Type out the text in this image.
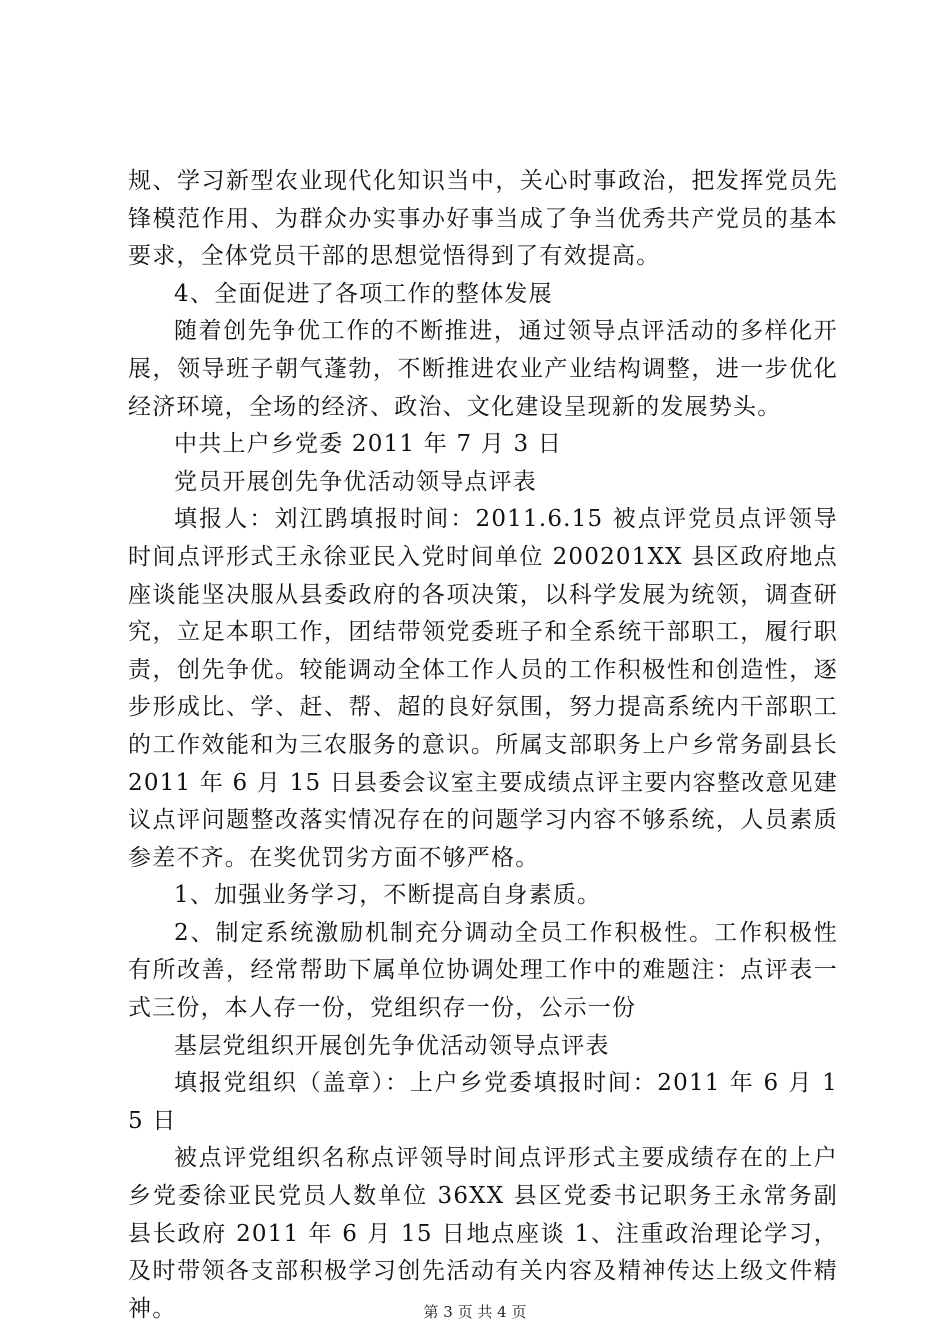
规、学习新型农业现代化知识当中，关心时事政治，把发挥党员先锋模范作用、为群众办实事办好事当成了争当优秀共产党员的基本要求，全体党员干部的思想觉悟得到了有效提高。

4、全面促进了各项工作的整体发展

随着创先争优工作的不断推进，通过领导点评活动的多样化开展，领导班子朝气蓬勃，不断推进农业产业结构调整，进一步优化经济环境，全场的经济、政治、文化建设呈现新的发展势头。

中共上户乡党委 2011 年 7 月 3 日

党员开展创先争优活动领导点评表

填报人：刘江鹍填报时间：2011.6.15 被点评党员点评领导时间点评形式王永徐亚民入党时间单位 200201XX 县区政府地点座谈能坚决服从县委政府的各项决策，以科学发展为统领，调查研究，立足本职工作，团结带领党委班子和全系统干部职工，履行职责，创先争优。较能调动全体工作人员的工作积极性和创造性，逐步形成比、学、赶、帮、超的良好氛围，努力提高系统内干部职工的工作效能和为三农服务的意识。所属支部职务上户乡常务副县长 2011 年 6 月 15 日县委会议室主要成绩点评主要内容整改意见建议点评问题整改落实情况存在的问题学习内容不够系统，人员素质参差不齐。在奖优罚劣方面不够严格。

1、加强业务学习，不断提高自身素质。

2、制定系统激励机制充分调动全员工作积极性。工作积极性有所改善，经常帮助下属单位协调处理工作中的难题注：点评表一式三份，本人存一份，党组织存一份，公示一份

基层党组织开展创先争优活动领导点评表

填报党组织（盖章）：上户乡党委填报时间：2011 年 6 月 15 日

被点评党组织名称点评领导时间点评形式主要成绩存在的上户乡党委徐亚民党员人数单位 36XX 县区党委书记职务王永常务副县长政府 2011 年 6 月 15 日地点座谈 1、注重政治理论学习，及时带领各支部积极学习创先活动有关内容及精神传达上级文件精神。	第 3 页 共 4 页
